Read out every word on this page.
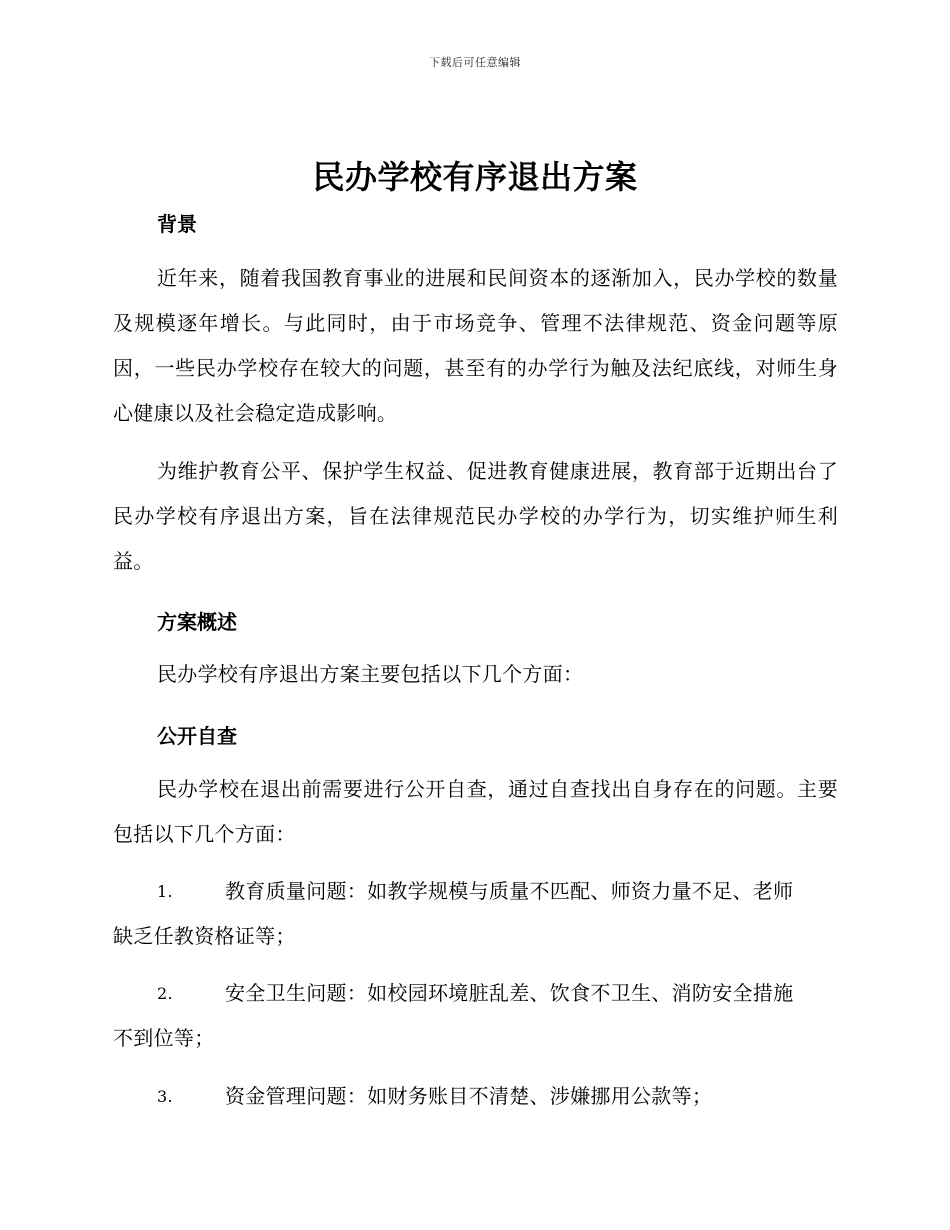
下载后可任意编辑
民办学校有序退出方案
背景
近年来，随着我国教育事业的进展和民间资本的逐渐加入，民办学校的数量及规模逐年增长。与此同时，由于市场竞争、管理不法律规范、资金问题等原因，一些民办学校存在较大的问题，甚至有的办学行为触及法纪底线，对师生身心健康以及社会稳定造成影响。
为维护教育公平、保护学生权益、促进教育健康进展，教育部于近期出台了民办学校有序退出方案，旨在法律规范民办学校的办学行为，切实维护师生利益。
方案概述
民办学校有序退出方案主要包括以下几个方面：
公开自查
民办学校在退出前需要进行公开自查，通过自查找出自身存在的问题。主要包括以下几个方面：
1.	教育质量问题：如教学规模与质量不匹配、师资力量不足、老师
缺乏任教资格证等；
2.	安全卫生问题：如校园环境脏乱差、饮食不卫生、消防安全措施
不到位等；
3.	资金管理问题：如财务账目不清楚、涉嫌挪用公款等；
